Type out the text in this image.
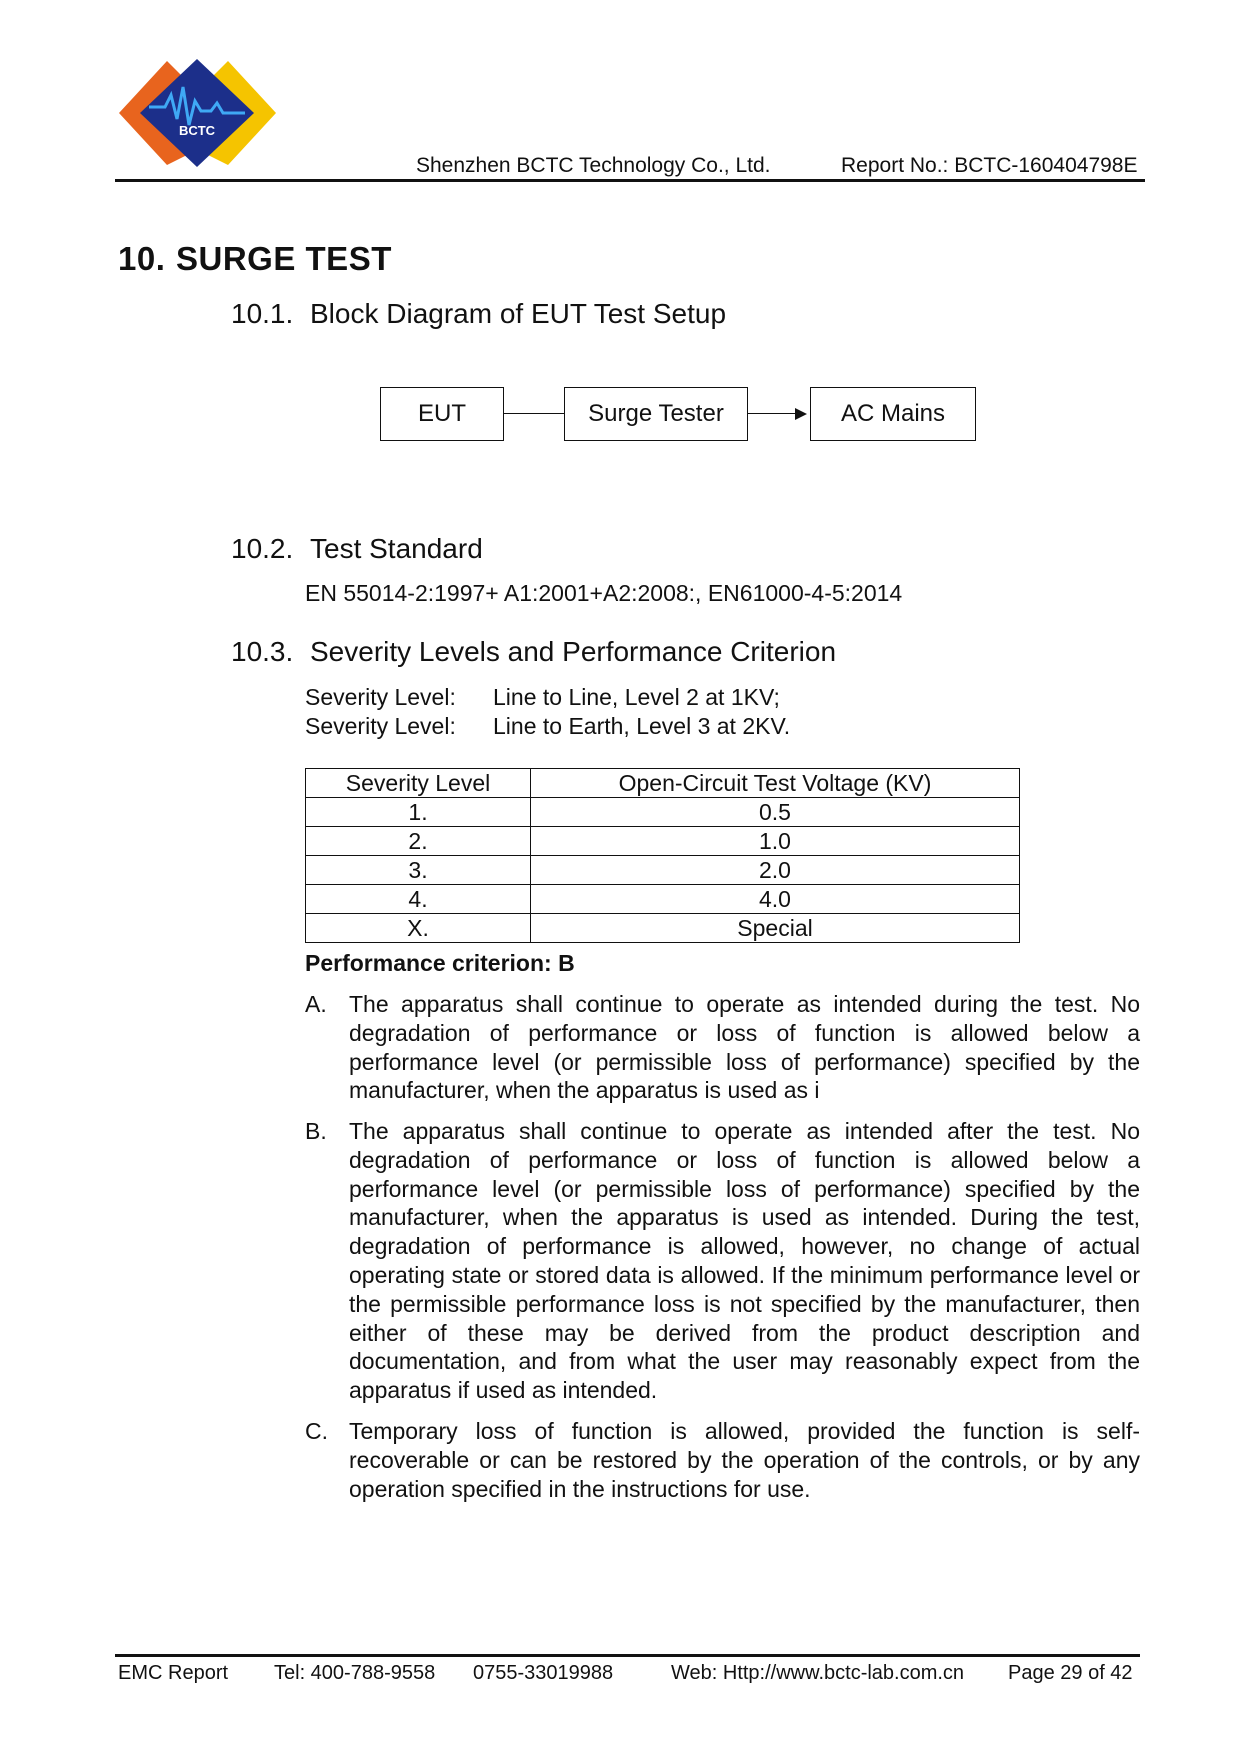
BCTC
Shenzhen BCTC Technology Co., Ltd.	Report No.: BCTC-160404798E
10. SURGE TEST
10.1. Block Diagram of EUT Test Setup
EUT	Surge Tester	AC Mains
10.2. Test Standard
EN 55014-2:1997+ A1:2001+A2:2008:, EN61000-4-5:2014
10.3. Severity Levels and Performance Criterion
Severity Level: Line to Line, Level 2 at 1KV;
Severity Level: Line to Earth, Level 3 at 2KV.
Severity Level	Open-Circuit Test Voltage (KV)
1.	0.5
2.	1.0
3.	2.0
4.	4.0
X.	Special
Performance criterion: B
A. The apparatus shall continue to operate as intended during the test. No degradation of performance or loss of function is allowed below a performance level (or permissible loss of performance) specified by the manufacturer, when the apparatus is used as i
B. The apparatus shall continue to operate as intended after the test. No degradation of performance or loss of function is allowed below a performance level (or permissible loss of performance) specified by the manufacturer, when the apparatus is used as intended. During the test, degradation of performance is allowed, however, no change of actual operating state or stored data is allowed. If the minimum performance level or the permissible performance loss is not specified by the manufacturer, then either of these may be derived from the product description and documentation, and from what the user may reasonably expect from the apparatus if used as intended.
C. Temporary loss of function is allowed, provided the function is self-recoverable or can be restored by the operation of the controls, or by any operation specified in the instructions for use.
EMC Report Tel: 400-788-9558 0755-33019988	Web: Http://www.bctc-lab.com.cn Page 29 of 42
